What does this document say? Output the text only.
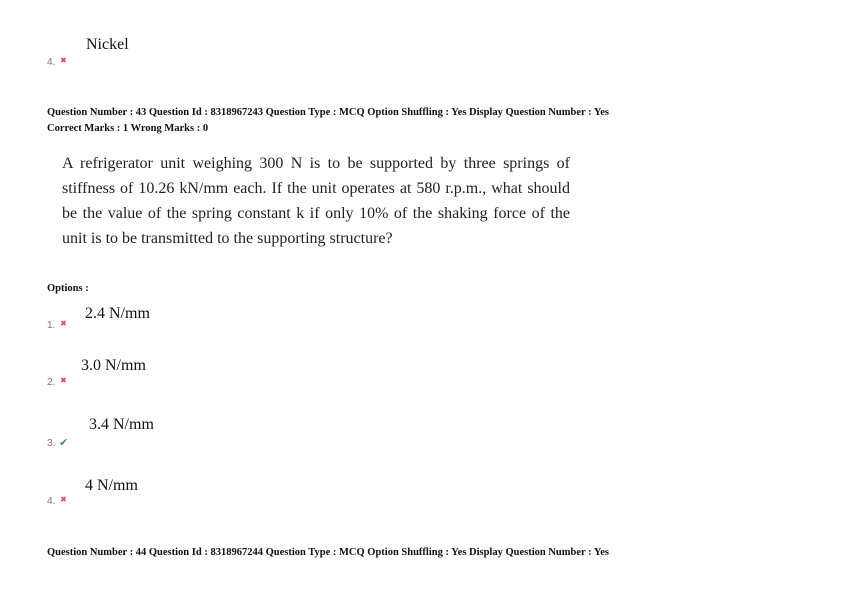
Nickel
4. ✖
Question Number : 43 Question Id : 8318967243 Question Type : MCQ Option Shuffling : Yes Display Question Number : Yes
Correct Marks : 1 Wrong Marks : 0
A refrigerator unit weighing 300 N is to be supported by three springs of stiffness of 10.26 kN/mm each. If the unit operates at 580 r.p.m., what should be the value of the spring constant k if only 10% of the shaking force of the unit is to be transmitted to the supporting structure?
Options :
2.4 N/mm
1. ✖
3.0 N/mm
2. ✖
3.4 N/mm
3. ✔
4 N/mm
4. ✖
Question Number : 44 Question Id : 8318967244 Question Type : MCQ Option Shuffling : Yes Display Question Number : Yes
